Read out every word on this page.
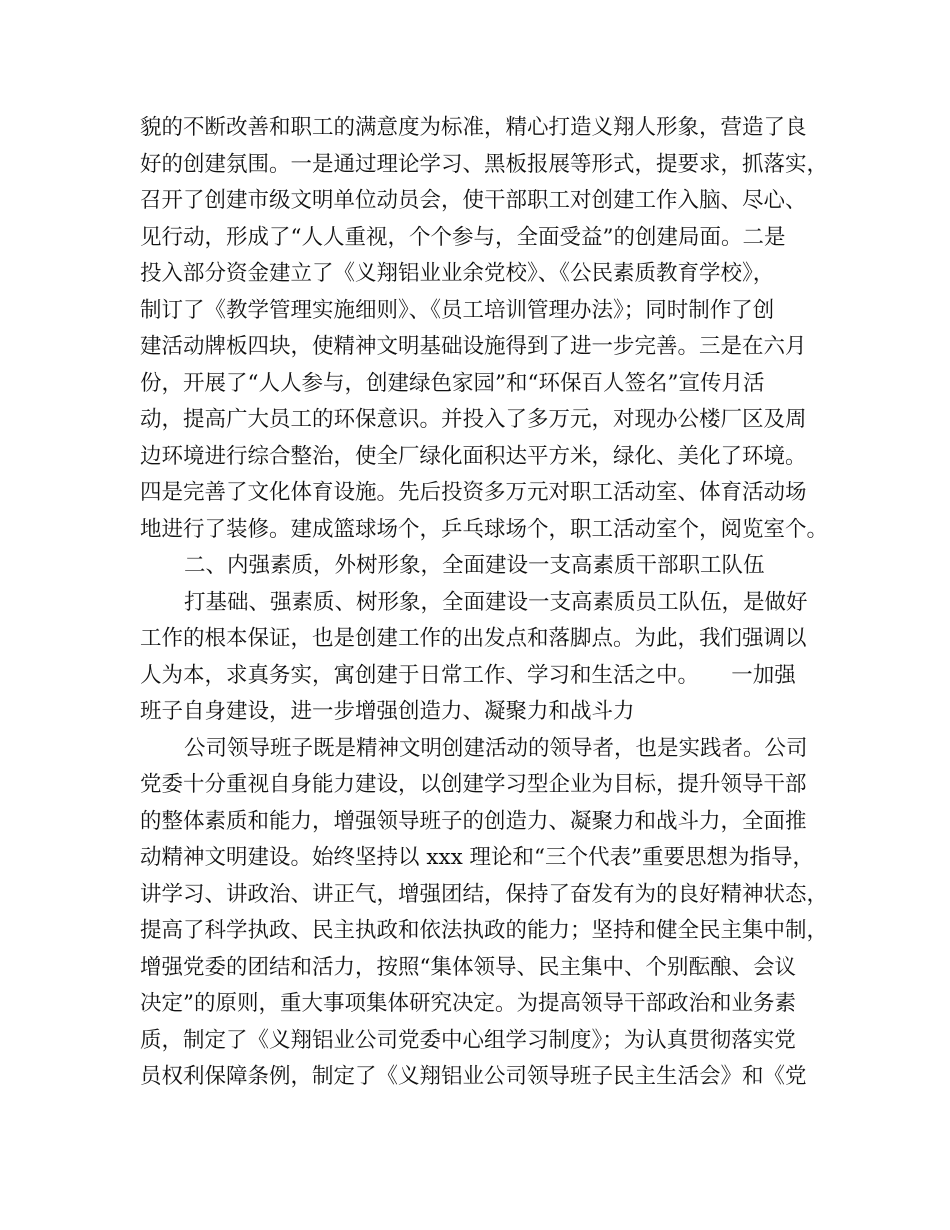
貌的不断改善和职工的满意度为标准，精心打造义翔人形象，营造了良
好的创建氛围。一是通过理论学习、黑板报展等形式，提要求，抓落实，
召开了创建市级文明单位动员会，使干部职工对创建工作入脑、尽心、
见行动，形成了“人人重视，个个参与，全面受益”的创建局面。二是
投入部分资金建立了《义翔铝业业余党校》、《公民素质教育学校》，
制订了《教学管理实施细则》、《员工培训管理办法》；同时制作了创
建活动牌板四块，使精神文明基础设施得到了进一步完善。三是在六月
份，开展了“人人参与，创建绿色家园”和“环保百人签名”宣传月活
动，提高广大员工的环保意识。并投入了多万元，对现办公楼厂区及周
边环境进行综合整治，使全厂绿化面积达平方米，绿化、美化了环境。
四是完善了文化体育设施。先后投资多万元对职工活动室、体育活动场
地进行了装修。建成篮球场个，乒乓球场个，职工活动室个，阅览室个。
二、内强素质，外树形象，全面建设一支高素质干部职工队伍
打基础、强素质、树形象，全面建设一支高素质员工队伍，是做好
工作的根本保证，也是创建工作的出发点和落脚点。为此，我们强调以
人为本，求真务实，寓创建于日常工作、学习和生活之中。　　一加强
班子自身建设，进一步增强创造力、凝聚力和战斗力
公司领导班子既是精神文明创建活动的领导者，也是实践者。公司
党委十分重视自身能力建设，以创建学习型企业为目标，提升领导干部
的整体素质和能力，增强领导班子的创造力、凝聚力和战斗力，全面推
动精神文明建设。始终坚持以 xxx 理论和“三个代表”重要思想为指导，
讲学习、讲政治、讲正气，增强团结，保持了奋发有为的良好精神状态，
提高了科学执政、民主执政和依法执政的能力；坚持和健全民主集中制，
增强党委的团结和活力，按照“集体领导、民主集中、个别酝酿、会议
决定”的原则，重大事项集体研究决定。为提高领导干部政治和业务素
质，制定了《义翔铝业公司党委中心组学习制度》；为认真贯彻落实党
员权利保障条例，制定了《义翔铝业公司领导班子民主生活会》和《党
